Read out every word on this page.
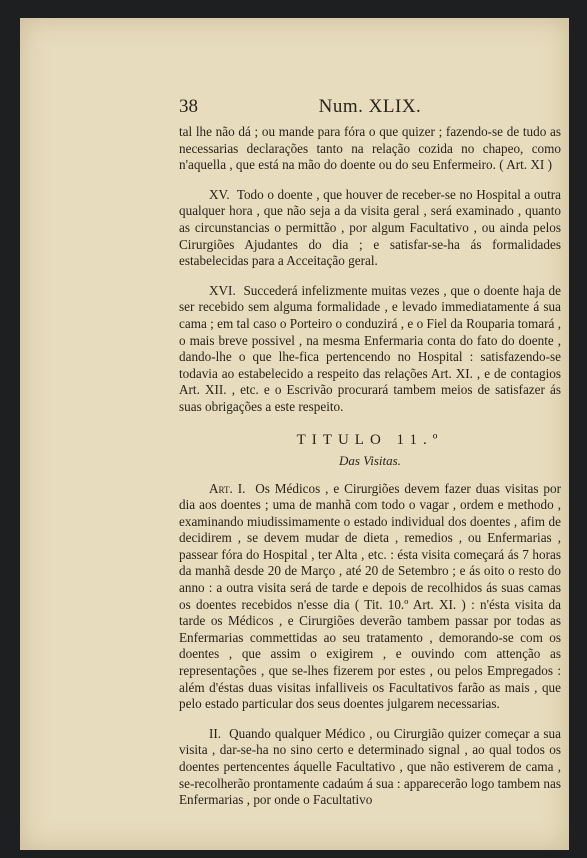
38	Num. XLIX.

tal lhe não dá ; ou mande para fóra o que quizer ; fazendo-se de tudo as necessarias declarações tanto na relação cozida no chapeo, como n'aquella , que está na mão do doente ou do seu Enfermeiro. ( Art. XI )

XV. Todo o doente , que houver de receber-se no Hospital a outra qualquer hora , que não seja a da visita geral , será examinado , quanto as circunstancias o permittão , por algum Facultativo , ou ainda pelos Cirurgiões Ajudantes do dia ; e satisfar-se-ha ás formalidades estabelecidas para a Acceitação geral.

XVI. Succederá infelizmente muitas vezes , que o doente haja de ser recebido sem alguma formalidade , e levado immediatamente á sua cama ; em tal caso o Porteiro o conduzirá , e o Fiel da Rouparia tomará , o mais breve possivel , na mesma Enfermaria conta do fato do doente , dando-lhe o que lhe-fica pertencendo no Hospital : satisfazendo-se todavia ao estabelecido a respeito das relações Art. XI. , e de contagios Art. XII. , etc. e o Escrivão procurará tambem meios de satisfazer ás suas obrigações a este respeito.

TITULO 11.º
Das Visitas.

Art. I. Os Médicos , e Cirurgiões devem fazer duas visitas por dia aos doentes ; uma de manhã com todo o vagar , ordem e methodo , examinando miudissimamente o estado individual dos doentes , afim de decidirem , se devem mudar de dieta , remedios , ou Enfermarias , passear fóra do Hospital , ter Alta , etc. : ésta visita começará ás 7 horas da manhã desde 20 de Março , até 20 de Setembro ; e ás oito o resto do anno : a outra visita será de tarde e depois de recolhidos ás suas camas os doentes recebidos n'esse dia ( Tit. 10.º Art. XI. ) : n'ésta visita da tarde os Médicos , e Cirurgiões deverão tambem passar por todas as Enfermarias commettidas ao seu tratamento , demorando-se com os doentes , que assim o exigirem , e ouvindo com attenção as representações , que se-lhes fizerem por estes , ou pelos Empregados : além d'éstas duas visitas infalliveis os Facultativos farão as mais , que pelo estado particular dos seus doentes julgarem necessarias.

II. Quando qualquer Médico , ou Cirurgião quizer começar a sua visita , dar-se-ha no sino certo e determinado signal , ao qual todos os doentes pertencentes áquelle Facultativo , que não estiverem de cama , se-recolherão prontamente cadaúm á sua : apparecerão logo tambem nas Enfermarias , por onde o Facultativo
